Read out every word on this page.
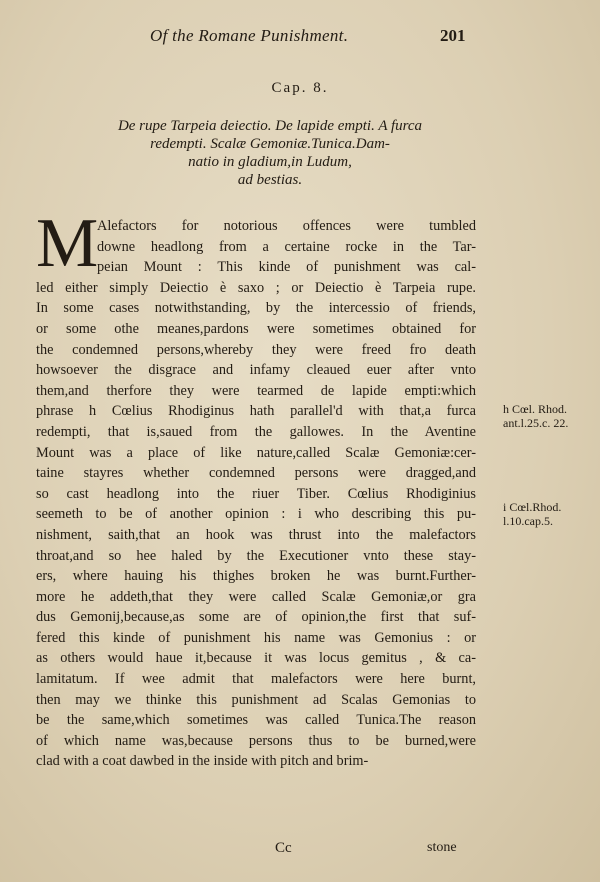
Of the Romane Punishment.	201
Cap. 8.
De rupe Tarpeia deiectio. De lapide empti. A furca
redempti. Scalæ Gemoniæ.Tunica.Dam-
natio in gladium,in Ludum,
ad bestias.
M
Alefactors for notorious offences were tumbled
downe headlong from a certaine rocke in the Tar-
peian Mount : This kinde of punishment was cal-
led either simply Deiectio è saxo ; or Deiectio è Tarpeia rupe.
In some cases notwithstanding, by the intercessio of friends,
or some othe meanes,pardons were sometimes obtained for
the condemned persons,whereby they were freed fro death
howsoever the disgrace and infamy cleaued euer after vnto
them,and therfore they were tearmed de lapide empti:which
phrase h Cœlius Rhodiginus hath parallel'd with that,a furca
redempti, that is,saued from the gallowes. In the Aventine
Mount was a place of like nature,called Scalæ Gemoniæ:cer-
taine stayres whether condemned persons were dragged,and
so cast headlong into the riuer Tiber. Cœlius Rhodiginius
seemeth to be of another opinion : i who describing this pu-
nishment, saith,that an hook was thrust into the malefactors
throat,and so hee haled by the Executioner vnto these stay-
ers, where hauing his thighes broken he was burnt.Further-
more he addeth,that they were called Scalæ Gemoniæ,or gra
dus Gemonij,because,as some are of opinion,the first that suf-
fered this kinde of punishment his name was Gemonius : or
as others would haue it,because it was locus gemitus , & ca-
lamitatum. If wee admit that malefactors were here burnt,
then may we thinke this punishment ad Scalas Gemonias to
be the same,which sometimes was called Tunica.The reason
of which name was,because persons thus to be burned,were
clad with a coat dawbed in the inside with pitch and brim-
h Cœl. Rhod.
ant.l.25.c. 22.
i Cœl.Rhod.
l.10.cap.5.
Cc	stone
